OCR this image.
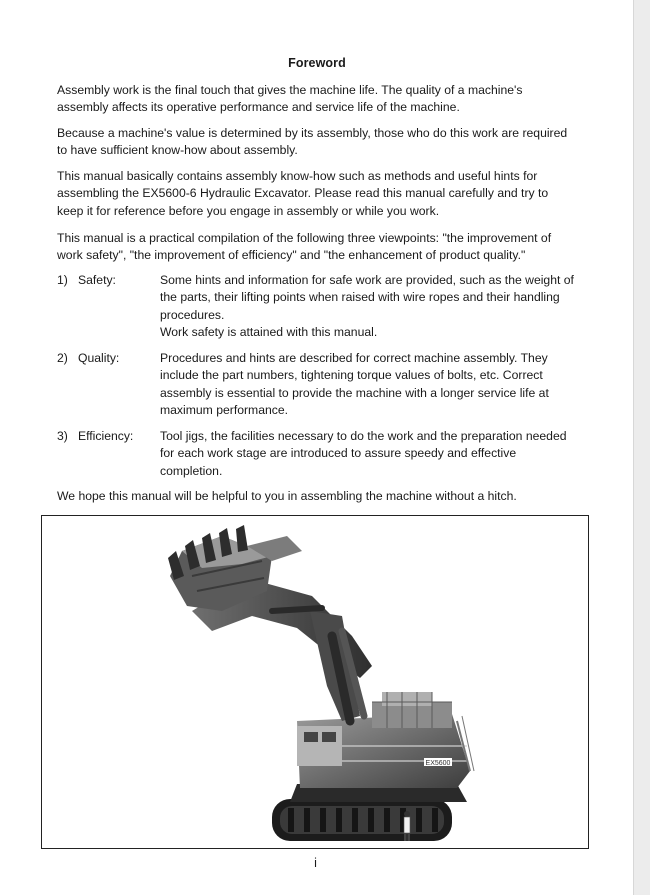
Foreword

Assembly work is the final touch that gives the machine life. The quality of a machine's assembly affects its operative performance and service life of the machine.

Because a machine's value is determined by its assembly, those who do this work are required to have sufficient know-how about assembly.

This manual basically contains assembly know-how such as methods and useful hints for assembling the EX5600-6 Hydraulic Excavator. Please read this manual carefully and try to keep it for reference before you engage in assembly or while you work.

This manual is a practical compilation of the following three viewpoints: "the improvement of work safety", "the improvement of efficiency" and "the enhancement of product quality."

1) Safety:	Some hints and information for safe work are provided, such as the weight of the parts, their lifting points when raised with wire ropes and their handling procedures.
Work safety is attained with this manual.
2) Quality:	Procedures and hints are described for correct machine assembly. They include the part numbers, tightening torque values of bolts, etc. Correct assembly is essential to provide the machine with a longer service life at maximum performance.
3) Efficiency:	Tool jigs, the facilities necessary to do the work and the preparation needed for each work stage are introduced to assure speedy and effective completion.

We hope this manual will be helpful to you in assembling the machine without a hitch.

EX5600
i
